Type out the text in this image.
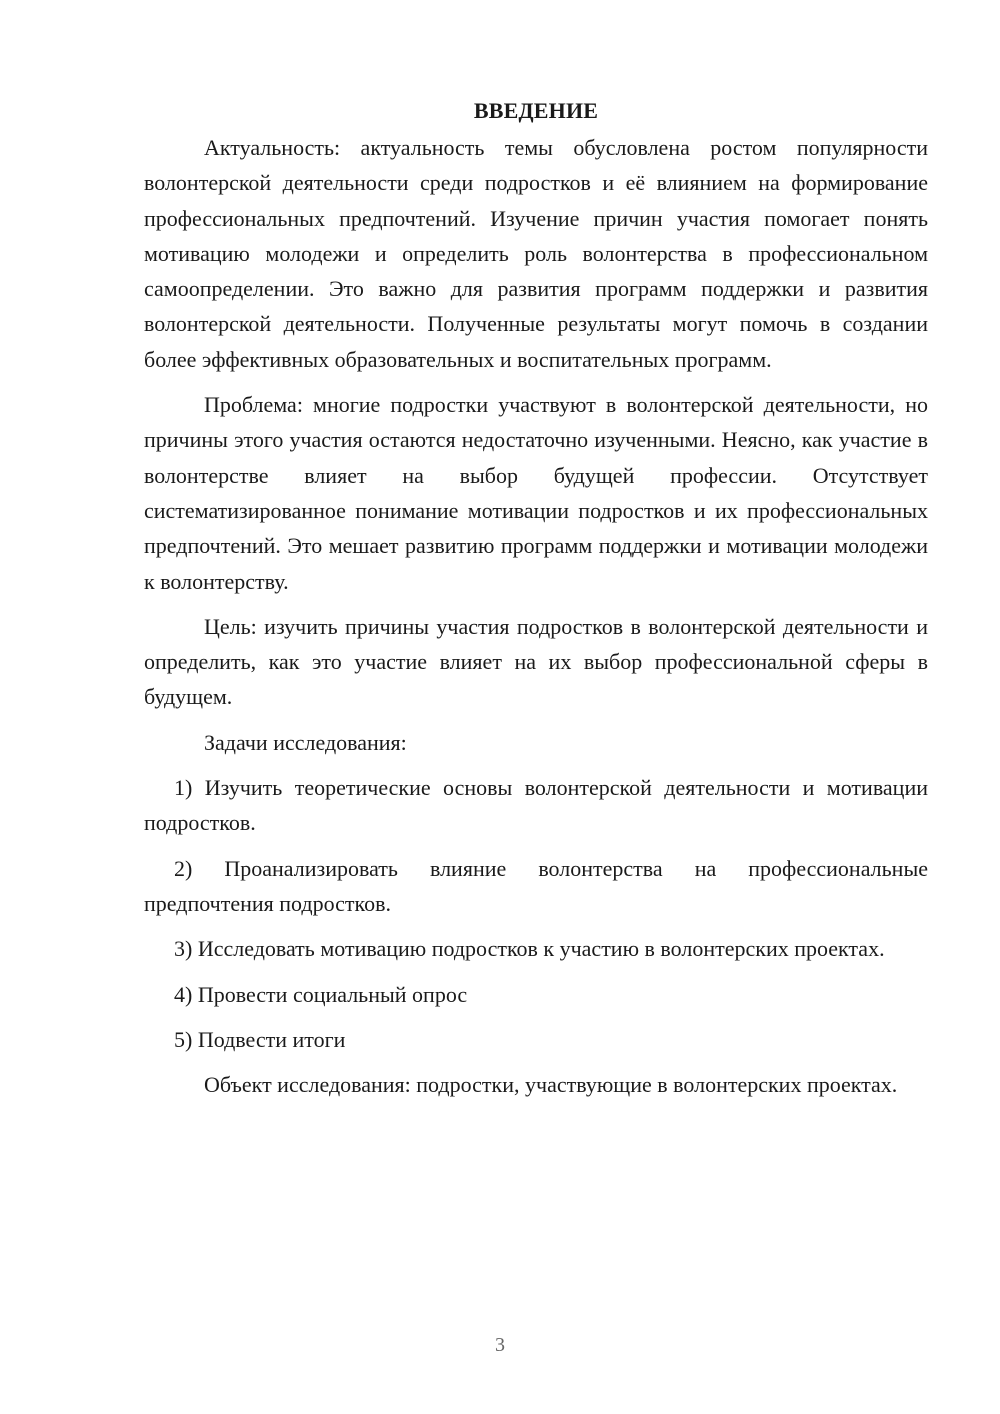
ВВЕДЕНИЕ

Актуальность: актуальность темы обусловлена ростом популярности волонтерской деятельности среди подростков и её влиянием на формирование профессиональных предпочтений. Изучение причин участия помогает понять мотивацию молодежи и определить роль волонтерства в профессиональном самоопределении. Это важно для развития программ поддержки и развития волонтерской деятельности. Полученные результаты могут помочь в создании более эффективных образовательных и воспитательных программ.

Проблема: многие подростки участвуют в волонтерской деятельности, но причины этого участия остаются недостаточно изученными. Неясно, как участие в волонтерстве влияет на выбор будущей профессии. Отсутствует систематизированное понимание мотивации подростков и их профессиональных предпочтений. Это мешает развитию программ поддержки и мотивации молодежи к волонтерству.

Цель: изучить причины участия подростков в волонтерской деятельности и определить, как это участие влияет на их выбор профессиональной сферы в будущем.

Задачи исследования:

1) Изучить теоретические основы волонтерской деятельности и мотивации подростков.

2) Проанализировать влияние волонтерства на профессиональные предпочтения подростков.

3) Исследовать мотивацию подростков к участию в волонтерских проектах.

4) Провести социальный опрос

5) Подвести итоги

Объект исследования: подростки, участвующие в волонтерских проектах.

3
